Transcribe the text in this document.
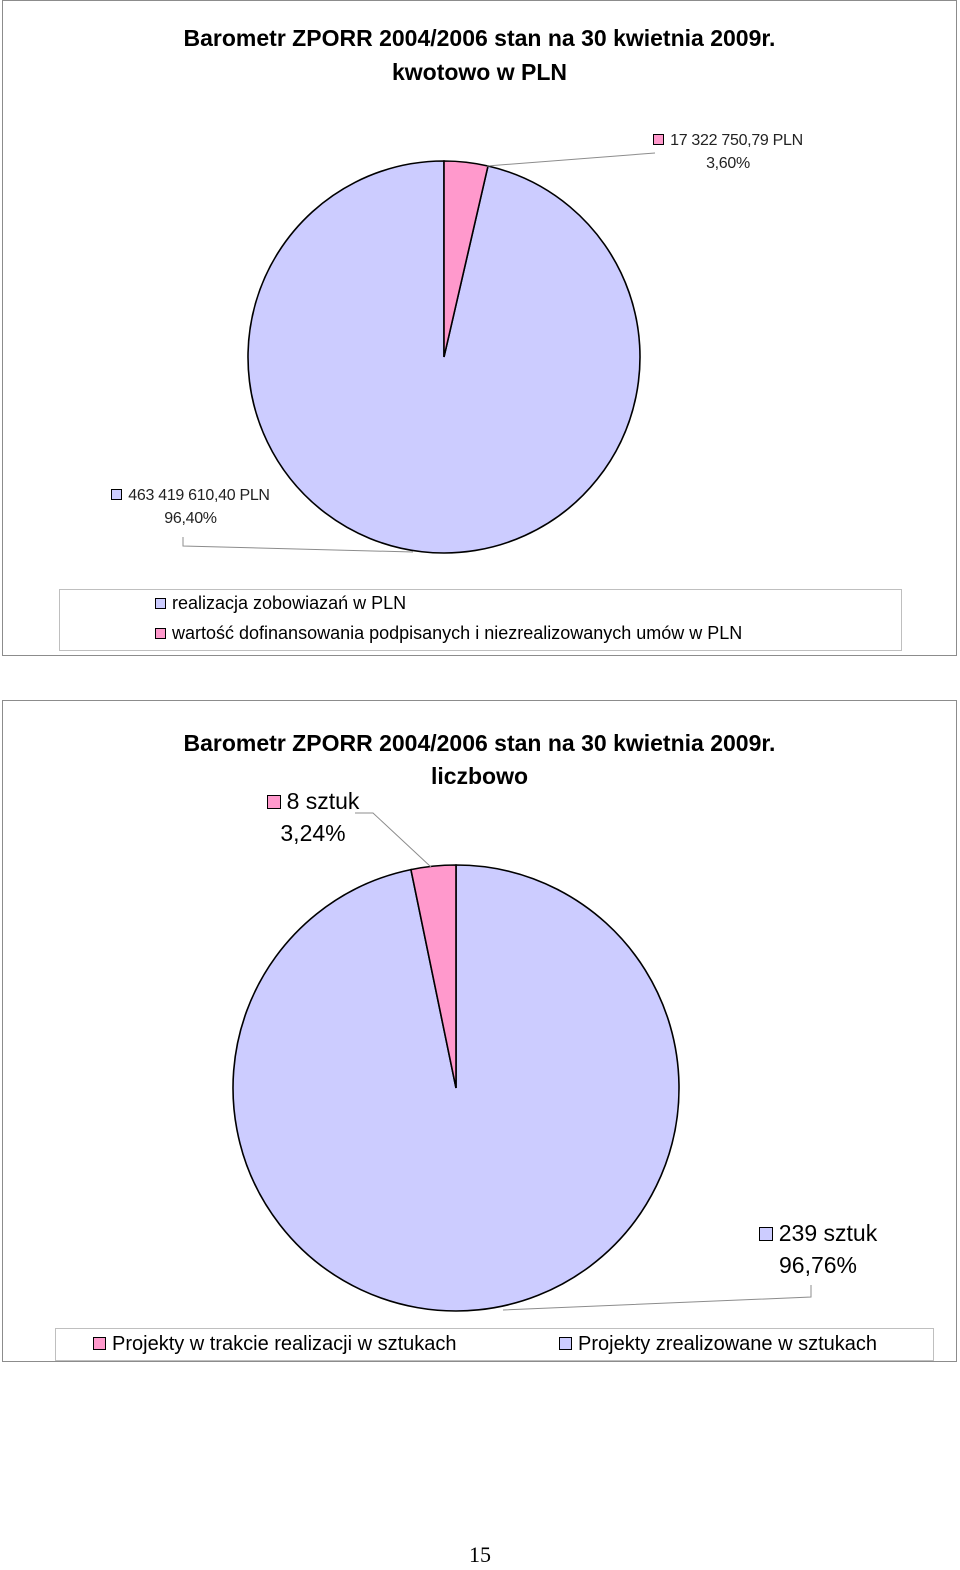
Barometr ZPORR 2004/2006 stan na 30 kwietnia 2009r.
kwotowo w PLN
17 322 750,79 PLN
3,60%
463 419 610,40 PLN
96,40%
realizacja zobowiazań w PLN
wartość dofinansowania podpisanych i niezrealizowanych umów w PLN
Barometr ZPORR 2004/2006 stan na 30 kwietnia 2009r.
liczbowo
8 sztuk
3,24%
239 sztuk
96,76%
Projekty w trakcie realizacji w sztukach	Projekty zrealizowane w sztukach
15
